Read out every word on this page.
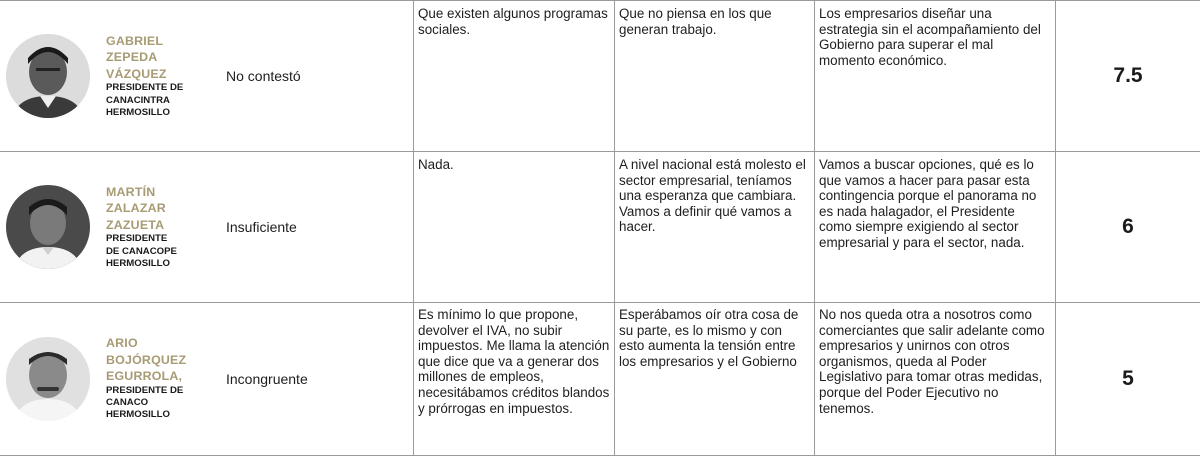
GABRIEL
ZEPEDA
VÁZQUEZ
PRESIDENTE DE
CANACINTRA
HERMOSILLO
No contestó

Que existen algunos programas sociales.

Que no piensa en los que generan trabajo.

Los empresarios diseñar una estrategia sin el acompañamiento del Gobierno para superar el mal momento económico.

7.5
MARTÍN
ZALAZAR
ZAZUETA
PRESIDENTE
DE CANACOPE
HERMOSILLO
Insuficiente

Nada.	A nivel nacional está molesto el sector empresarial, teníamos una esperanza que cambiara. Vamos a definir qué vamos a hacer.

Vamos a buscar opciones, qué es lo que vamos a hacer para pasar esta contingencia porque el panorama no es nada halagador, el Presidente como siempre exigiendo al sector empresarial y para el sector, nada.

6
ARIO
BOJÓRQUEZ
EGURROLA,
PRESIDENTE DE
CANACO
HERMOSILLO
Incongruente

Es mínimo lo que propone, devolver el IVA, no subir impuestos. Me llama la atención que dice que va a generar dos millones de empleos, necesitábamos créditos blandos y prórrogas en impuestos.

Esperábamos oír otra cosa de su parte, es lo mismo y con esto aumenta la tensión entre los empresarios y el Gobierno

No nos queda otra a nosotros como comerciantes que salir adelante como empresarios y unirnos con otros organismos, queda al Poder Legislativo para tomar otras medidas, porque del Poder Ejecutivo no tenemos.

5
